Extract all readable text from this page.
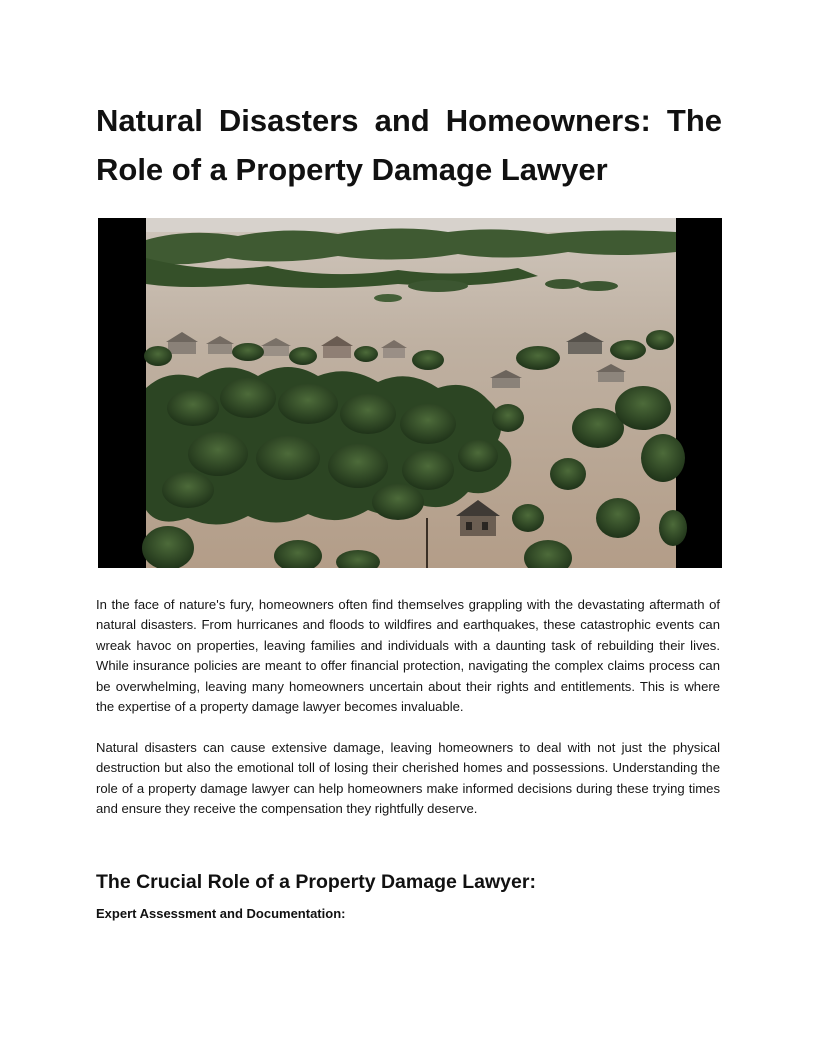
Natural Disasters and Homeowners: The Role of a Property Damage Lawyer

In the face of nature's fury, homeowners often find themselves grappling with the devastating aftermath of natural disasters. From hurricanes and floods to wildfires and earthquakes, these catastrophic events can wreak havoc on properties, leaving families and individuals with a daunting task of rebuilding their lives. While insurance policies are meant to offer financial protection, navigating the complex claims process can be overwhelming, leaving many homeowners uncertain about their rights and entitlements. This is where the expertise of a property damage lawyer becomes invaluable.

Natural disasters can cause extensive damage, leaving homeowners to deal with not just the physical destruction but also the emotional toll of losing their cherished homes and possessions. Understanding the role of a property damage lawyer can help homeowners make informed decisions during these trying times and ensure they receive the compensation they rightfully deserve.

The Crucial Role of a Property Damage Lawyer:
Expert Assessment and Documentation:
